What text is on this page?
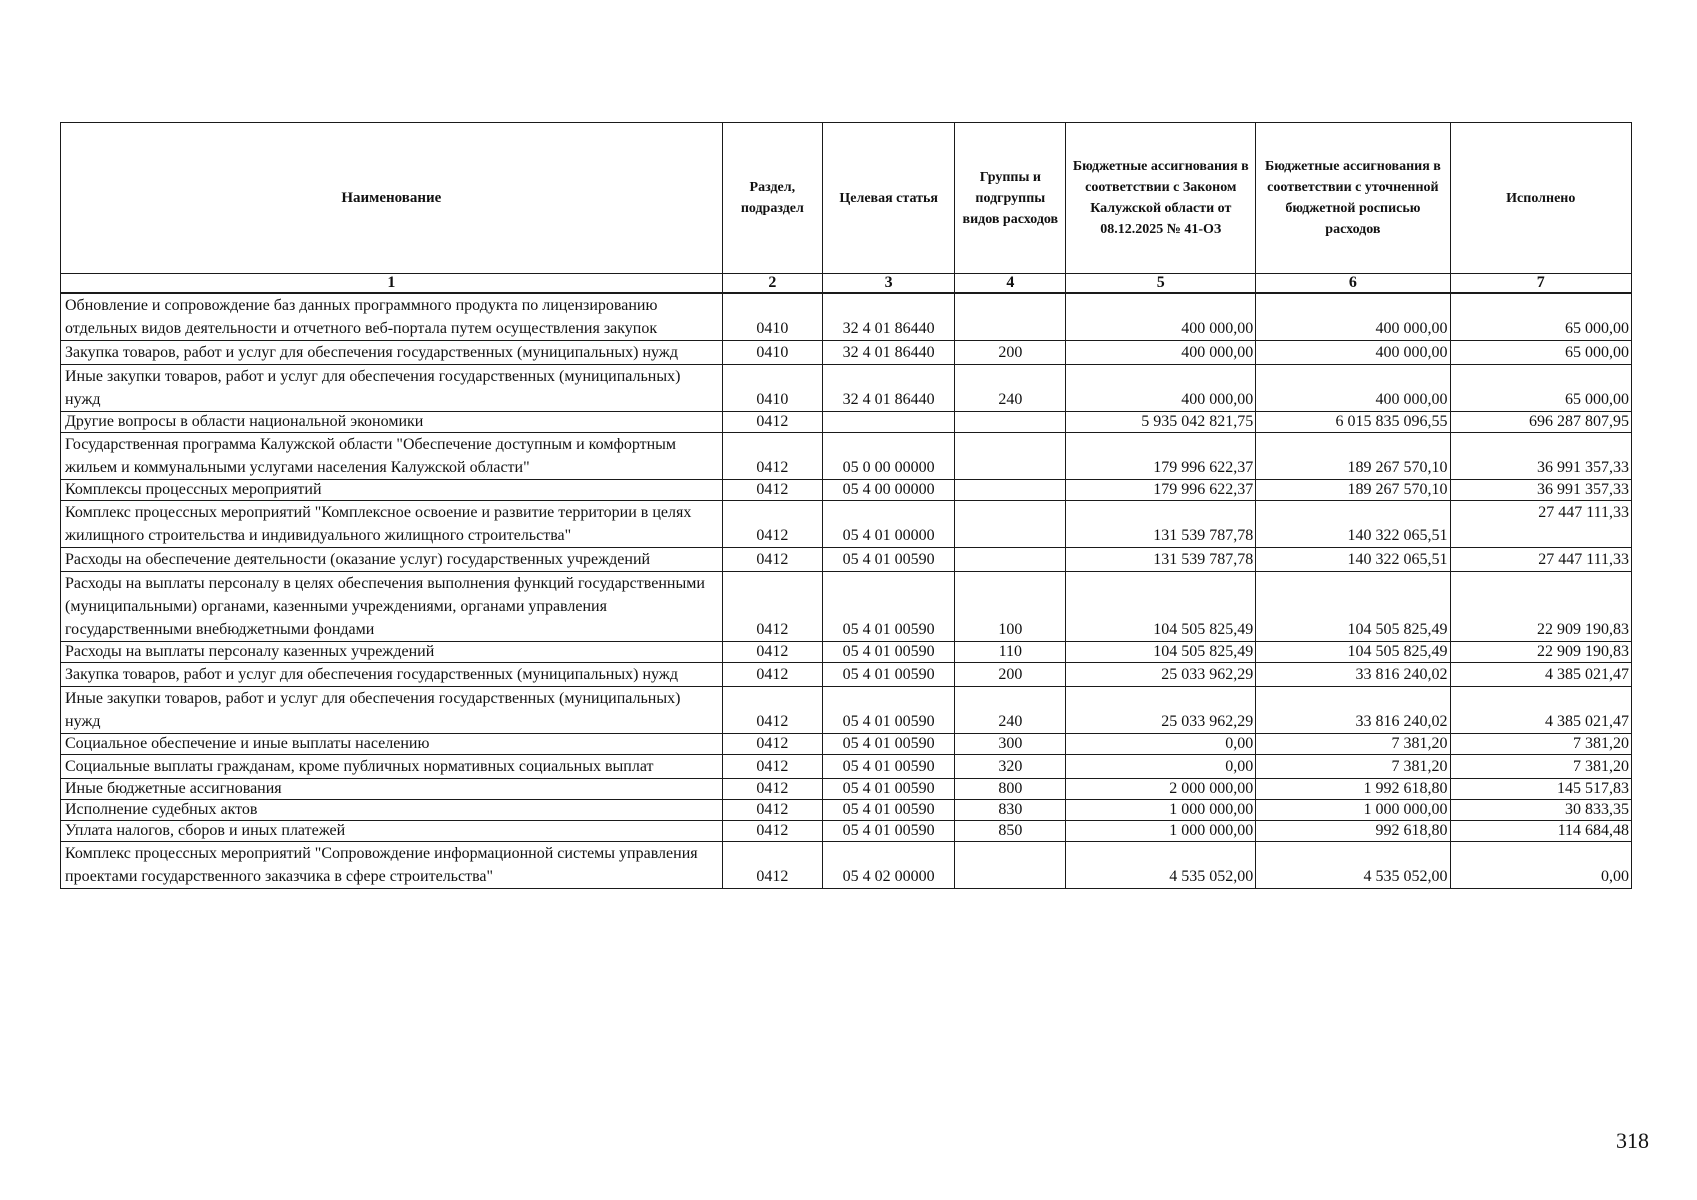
Наименование	Раздел, подраздел	Целевая статья	Группы и подгруппы видов расходов	Бюджетные ассигнования в соответствии с Законом Калужской области от 08.12.2025 № 41-ОЗ	Бюджетные ассигнования в соответствии с уточненной бюджетной росписью расходов	Исполнено
1	2	3	4	5	6	7
Обновление и сопровождение баз данных программного продукта по лицензированию отдельных видов деятельности и отчетного веб-портала путем осуществления закупок	0410	32 4 01 86440		400 000,00	400 000,00	65 000,00
Закупка товаров, работ и услуг для обеспечения государственных (муниципальных) нужд	0410	32 4 01 86440	200	400 000,00	400 000,00	65 000,00
Иные закупки товаров, работ и услуг для обеспечения государственных (муниципальных) нужд	0410	32 4 01 86440	240	400 000,00	400 000,00	65 000,00
Другие вопросы в области национальной экономики	0412			5 935 042 821,75	6 015 835 096,55	696 287 807,95
Государственная программа Калужской области "Обеспечение доступным и комфортным жильем и коммунальными услугами населения Калужской области"	0412	05 0 00 00000		179 996 622,37	189 267 570,10	36 991 357,33
Комплексы процессных мероприятий	0412	05 4 00 00000		179 996 622,37	189 267 570,10	36 991 357,33
Комплекс процессных мероприятий "Комплексное освоение и развитие территории в целях жилищного строительства и индивидуального жилищного строительства"	0412	05 4 01 00000		131 539 787,78	140 322 065,51	27 447 111,33
Расходы на обеспечение деятельности (оказание услуг) государственных учреждений	0412	05 4 01 00590		131 539 787,78	140 322 065,51	27 447 111,33
Расходы на выплаты персоналу в целях обеспечения выполнения функций государственными (муниципальными) органами, казенными учреждениями, органами управления государственными внебюджетными фондами	0412	05 4 01 00590	100	104 505 825,49	104 505 825,49	22 909 190,83
Расходы на выплаты персоналу казенных учреждений	0412	05 4 01 00590	110	104 505 825,49	104 505 825,49	22 909 190,83
Закупка товаров, работ и услуг для обеспечения государственных (муниципальных) нужд	0412	05 4 01 00590	200	25 033 962,29	33 816 240,02	4 385 021,47
Иные закупки товаров, работ и услуг для обеспечения государственных (муниципальных) нужд	0412	05 4 01 00590	240	25 033 962,29	33 816 240,02	4 385 021,47
Социальное обеспечение и иные выплаты населению	0412	05 4 01 00590	300	0,00	7 381,20	7 381,20
Социальные выплаты гражданам, кроме публичных нормативных социальных выплат	0412	05 4 01 00590	320	0,00	7 381,20	7 381,20
Иные бюджетные ассигнования	0412	05 4 01 00590	800	2 000 000,00	1 992 618,80	145 517,83
Исполнение судебных актов	0412	05 4 01 00590	830	1 000 000,00	1 000 000,00	30 833,35
Уплата налогов, сборов и иных платежей	0412	05 4 01 00590	850	1 000 000,00	992 618,80	114 684,48
Комплекс процессных мероприятий "Сопровождение информационной системы управления проектами государственного заказчика в сфере строительства"	0412	05 4 02 00000		4 535 052,00	4 535 052,00	0,00
318
